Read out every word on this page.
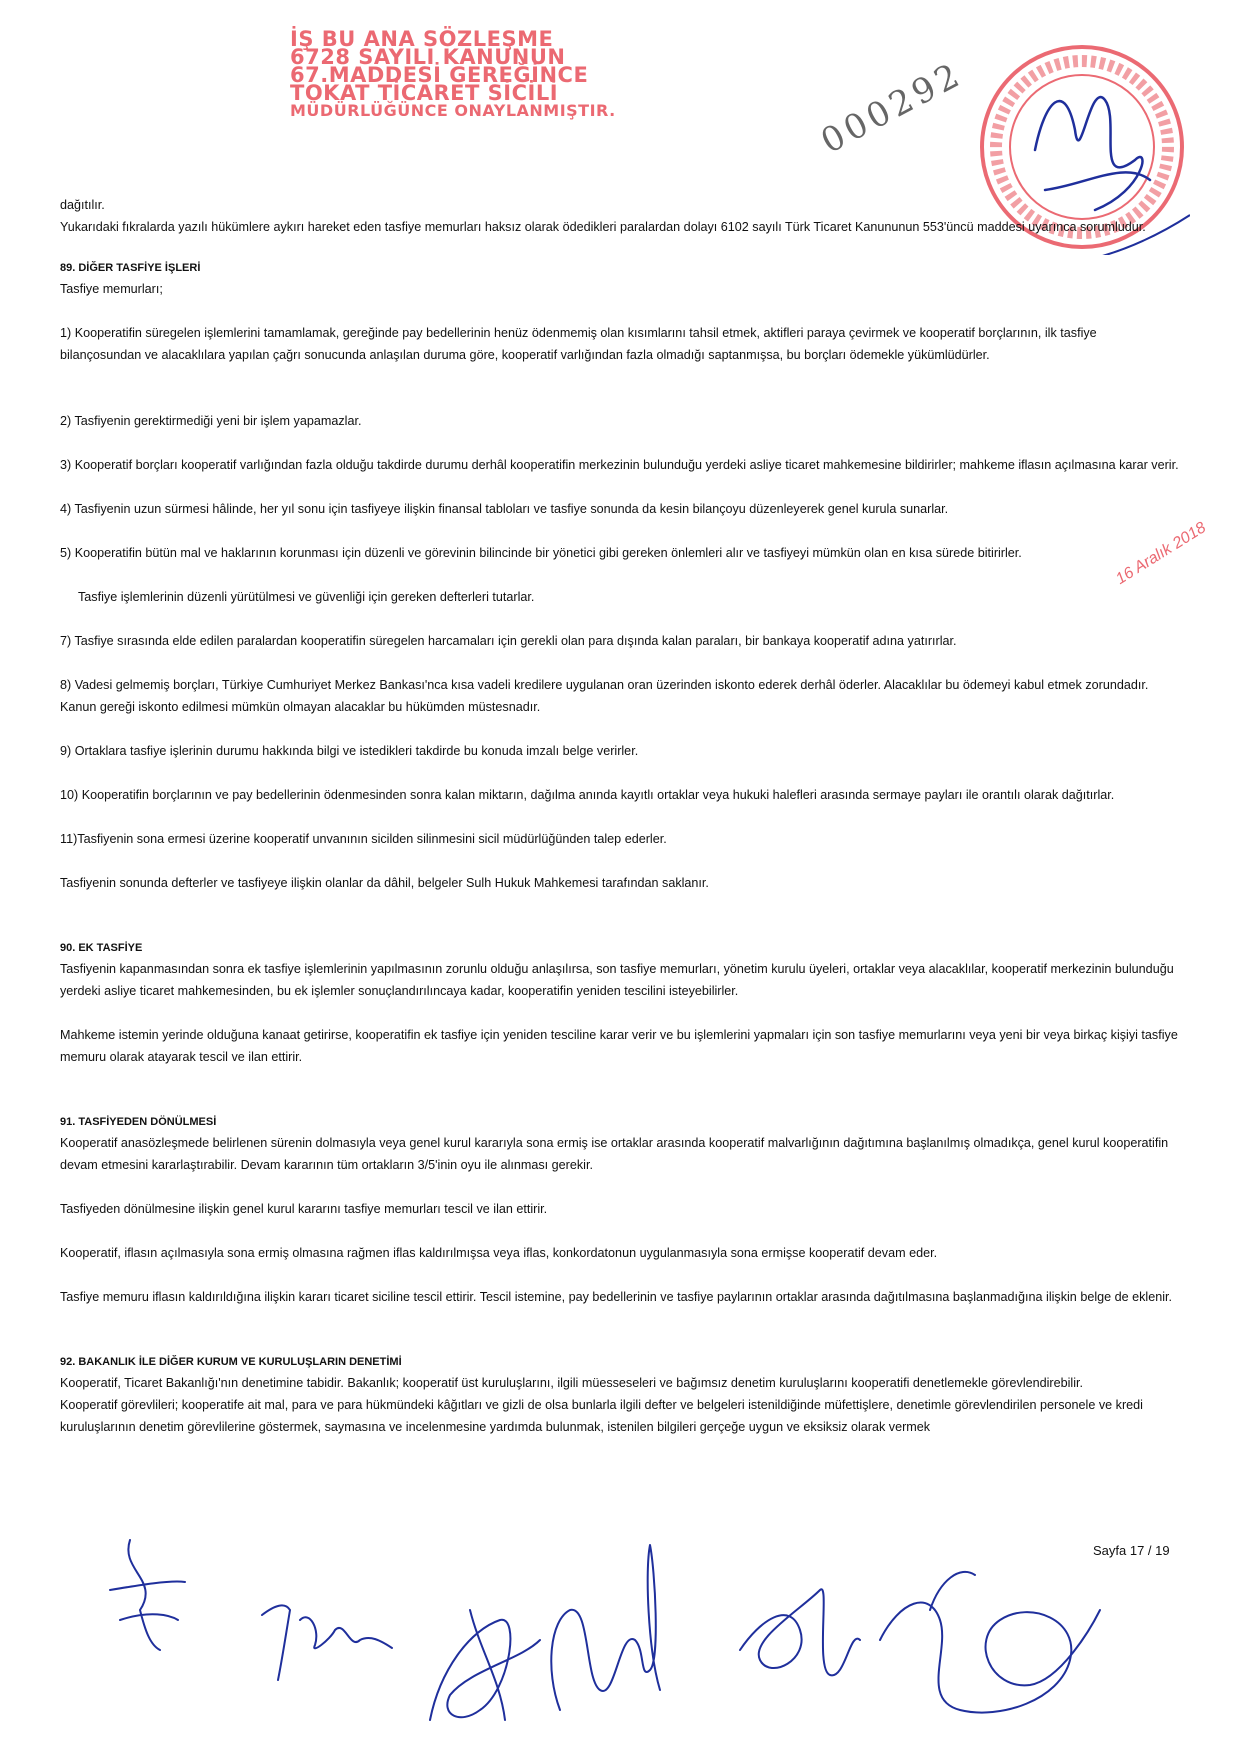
İŞ BU ANA SÖZLEŞME
6728 SAYILI KANUNUN
67.MADDESİ GEREĞİNCE
TOKAT TİCARET SİCİLİ
MÜDÜRLÜĞÜNCE ONAYLANMIŞTIR.	000292
16 Aralık 2018

dağıtılır.

Yukarıdaki fıkralarda yazılı hükümlere aykırı hareket eden tasfiye memurları haksız olarak ödedikleri paralardan dolayı 6102 sayılı Türk Ticaret Kanununun 553'üncü maddesi uyarınca sorumludur.

89. DİĞER TASFİYE İŞLERİ

Tasfiye memurları;

1) Kooperatifin süregelen işlemlerini tamamlamak, gereğinde pay bedellerinin henüz ödenmemiş olan kısımlarını tahsil etmek, aktifleri paraya çevirmek ve kooperatif borçlarının, ilk tasfiye bilançosundan ve alacaklılara yapılan çağrı sonucunda anlaşılan duruma göre, kooperatif varlığından fazla olmadığı saptanmışsa, bu borçları ödemekle yükümlüdürler.

2) Tasfiyenin gerektirmediği yeni bir işlem yapamazlar.

3) Kooperatif borçları kooperatif varlığından fazla olduğu takdirde durumu derhâl kooperatifin merkezinin bulunduğu yerdeki asliye ticaret mahkemesine bildirirler; mahkeme iflasın açılmasına karar verir.

4) Tasfiyenin uzun sürmesi hâlinde, her yıl sonu için tasfiyeye ilişkin finansal tabloları ve tasfiye sonunda da kesin bilançoyu düzenleyerek genel kurula sunarlar.

5) Kooperatifin bütün mal ve haklarının korunması için düzenli ve görevinin bilincinde bir yönetici gibi gereken önlemleri alır ve tasfiyeyi mümkün olan en kısa sürede bitirirler.

Tasfiye işlemlerinin düzenli yürütülmesi ve güvenliği için gereken defterleri tutarlar.

7) Tasfiye sırasında elde edilen paralardan kooperatifin süregelen harcamaları için gerekli olan para dışında kalan paraları, bir bankaya kooperatif adına yatırırlar.

8) Vadesi gelmemiş borçları, Türkiye Cumhuriyet Merkez Bankası'nca kısa vadeli kredilere uygulanan oran üzerinden iskonto ederek derhâl öderler. Alacaklılar bu ödemeyi kabul etmek zorundadır. Kanun gereği iskonto edilmesi mümkün olmayan alacaklar bu hükümden müstesnadır.

9) Ortaklara tasfiye işlerinin durumu hakkında bilgi ve istedikleri takdirde bu konuda imzalı belge verirler.

10) Kooperatifin borçlarının ve pay bedellerinin ödenmesinden sonra kalan miktarın, dağılma anında kayıtlı ortaklar veya hukuki halefleri arasında sermaye payları ile orantılı olarak dağıtırlar.

11)Tasfiyenin sona ermesi üzerine kooperatif unvanının sicilden silinmesini sicil müdürlüğünden talep ederler.

Tasfiyenin sonunda defterler ve tasfiyeye ilişkin olanlar da dâhil, belgeler Sulh Hukuk Mahkemesi tarafından saklanır.

90. EK TASFİYE

Tasfiyenin kapanmasından sonra ek tasfiye işlemlerinin yapılmasının zorunlu olduğu anlaşılırsa, son tasfiye memurları, yönetim kurulu üyeleri, ortaklar veya alacaklılar, kooperatif merkezinin bulunduğu yerdeki asliye ticaret mahkemesinden, bu ek işlemler sonuçlandırılıncaya kadar, kooperatifin yeniden tescilini isteyebilirler.

Mahkeme istemin yerinde olduğuna kanaat getirirse, kooperatifin ek tasfiye için yeniden tesciline karar verir ve bu işlemlerini yapmaları için son tasfiye memurlarını veya yeni bir veya birkaç kişiyi tasfiye memuru olarak atayarak tescil ve ilan ettirir.

91. TASFİYEDEN DÖNÜLMESİ

Kooperatif anasözleşmede belirlenen sürenin dolmasıyla veya genel kurul kararıyla sona ermiş ise ortaklar arasında kooperatif malvarlığının dağıtımına başlanılmış olmadıkça, genel kurul kooperatifin devam etmesini kararlaştırabilir. Devam kararının tüm ortakların 3/5'inin oyu ile alınması gerekir.

Tasfiyeden dönülmesine ilişkin genel kurul kararını tasfiye memurları tescil ve ilan ettirir.

Kooperatif, iflasın açılmasıyla sona ermiş olmasına rağmen iflas kaldırılmışsa veya iflas, konkordatonun uygulanmasıyla sona ermişse kooperatif devam eder.

Tasfiye memuru iflasın kaldırıldığına ilişkin kararı ticaret siciline tescil ettirir. Tescil istemine, pay bedellerinin ve tasfiye paylarının ortaklar arasında dağıtılmasına başlanmadığına ilişkin belge de eklenir.

92. BAKANLIK İLE DİĞER KURUM VE KURULUŞLARIN DENETİMİ

Kooperatif, Ticaret Bakanlığı'nın denetimine tabidir. Bakanlık; kooperatif üst kuruluşlarını, ilgili müesseseleri ve bağımsız denetim kuruluşlarını kooperatifi denetlemekle görevlendirebilir.

Kooperatif görevlileri; kooperatife ait mal, para ve para hükmündeki kâğıtları ve gizli de olsa bunlarla ilgili defter ve belgeleri istenildiğinde müfettişlere, denetimle görevlendirilen personele ve kredi kuruluşlarının denetim görevlilerine göstermek, saymasına ve incelenmesine yardımda bulunmak, istenilen bilgileri gerçeğe uygun ve eksiksiz olarak vermek

Sayfa 17 / 19
